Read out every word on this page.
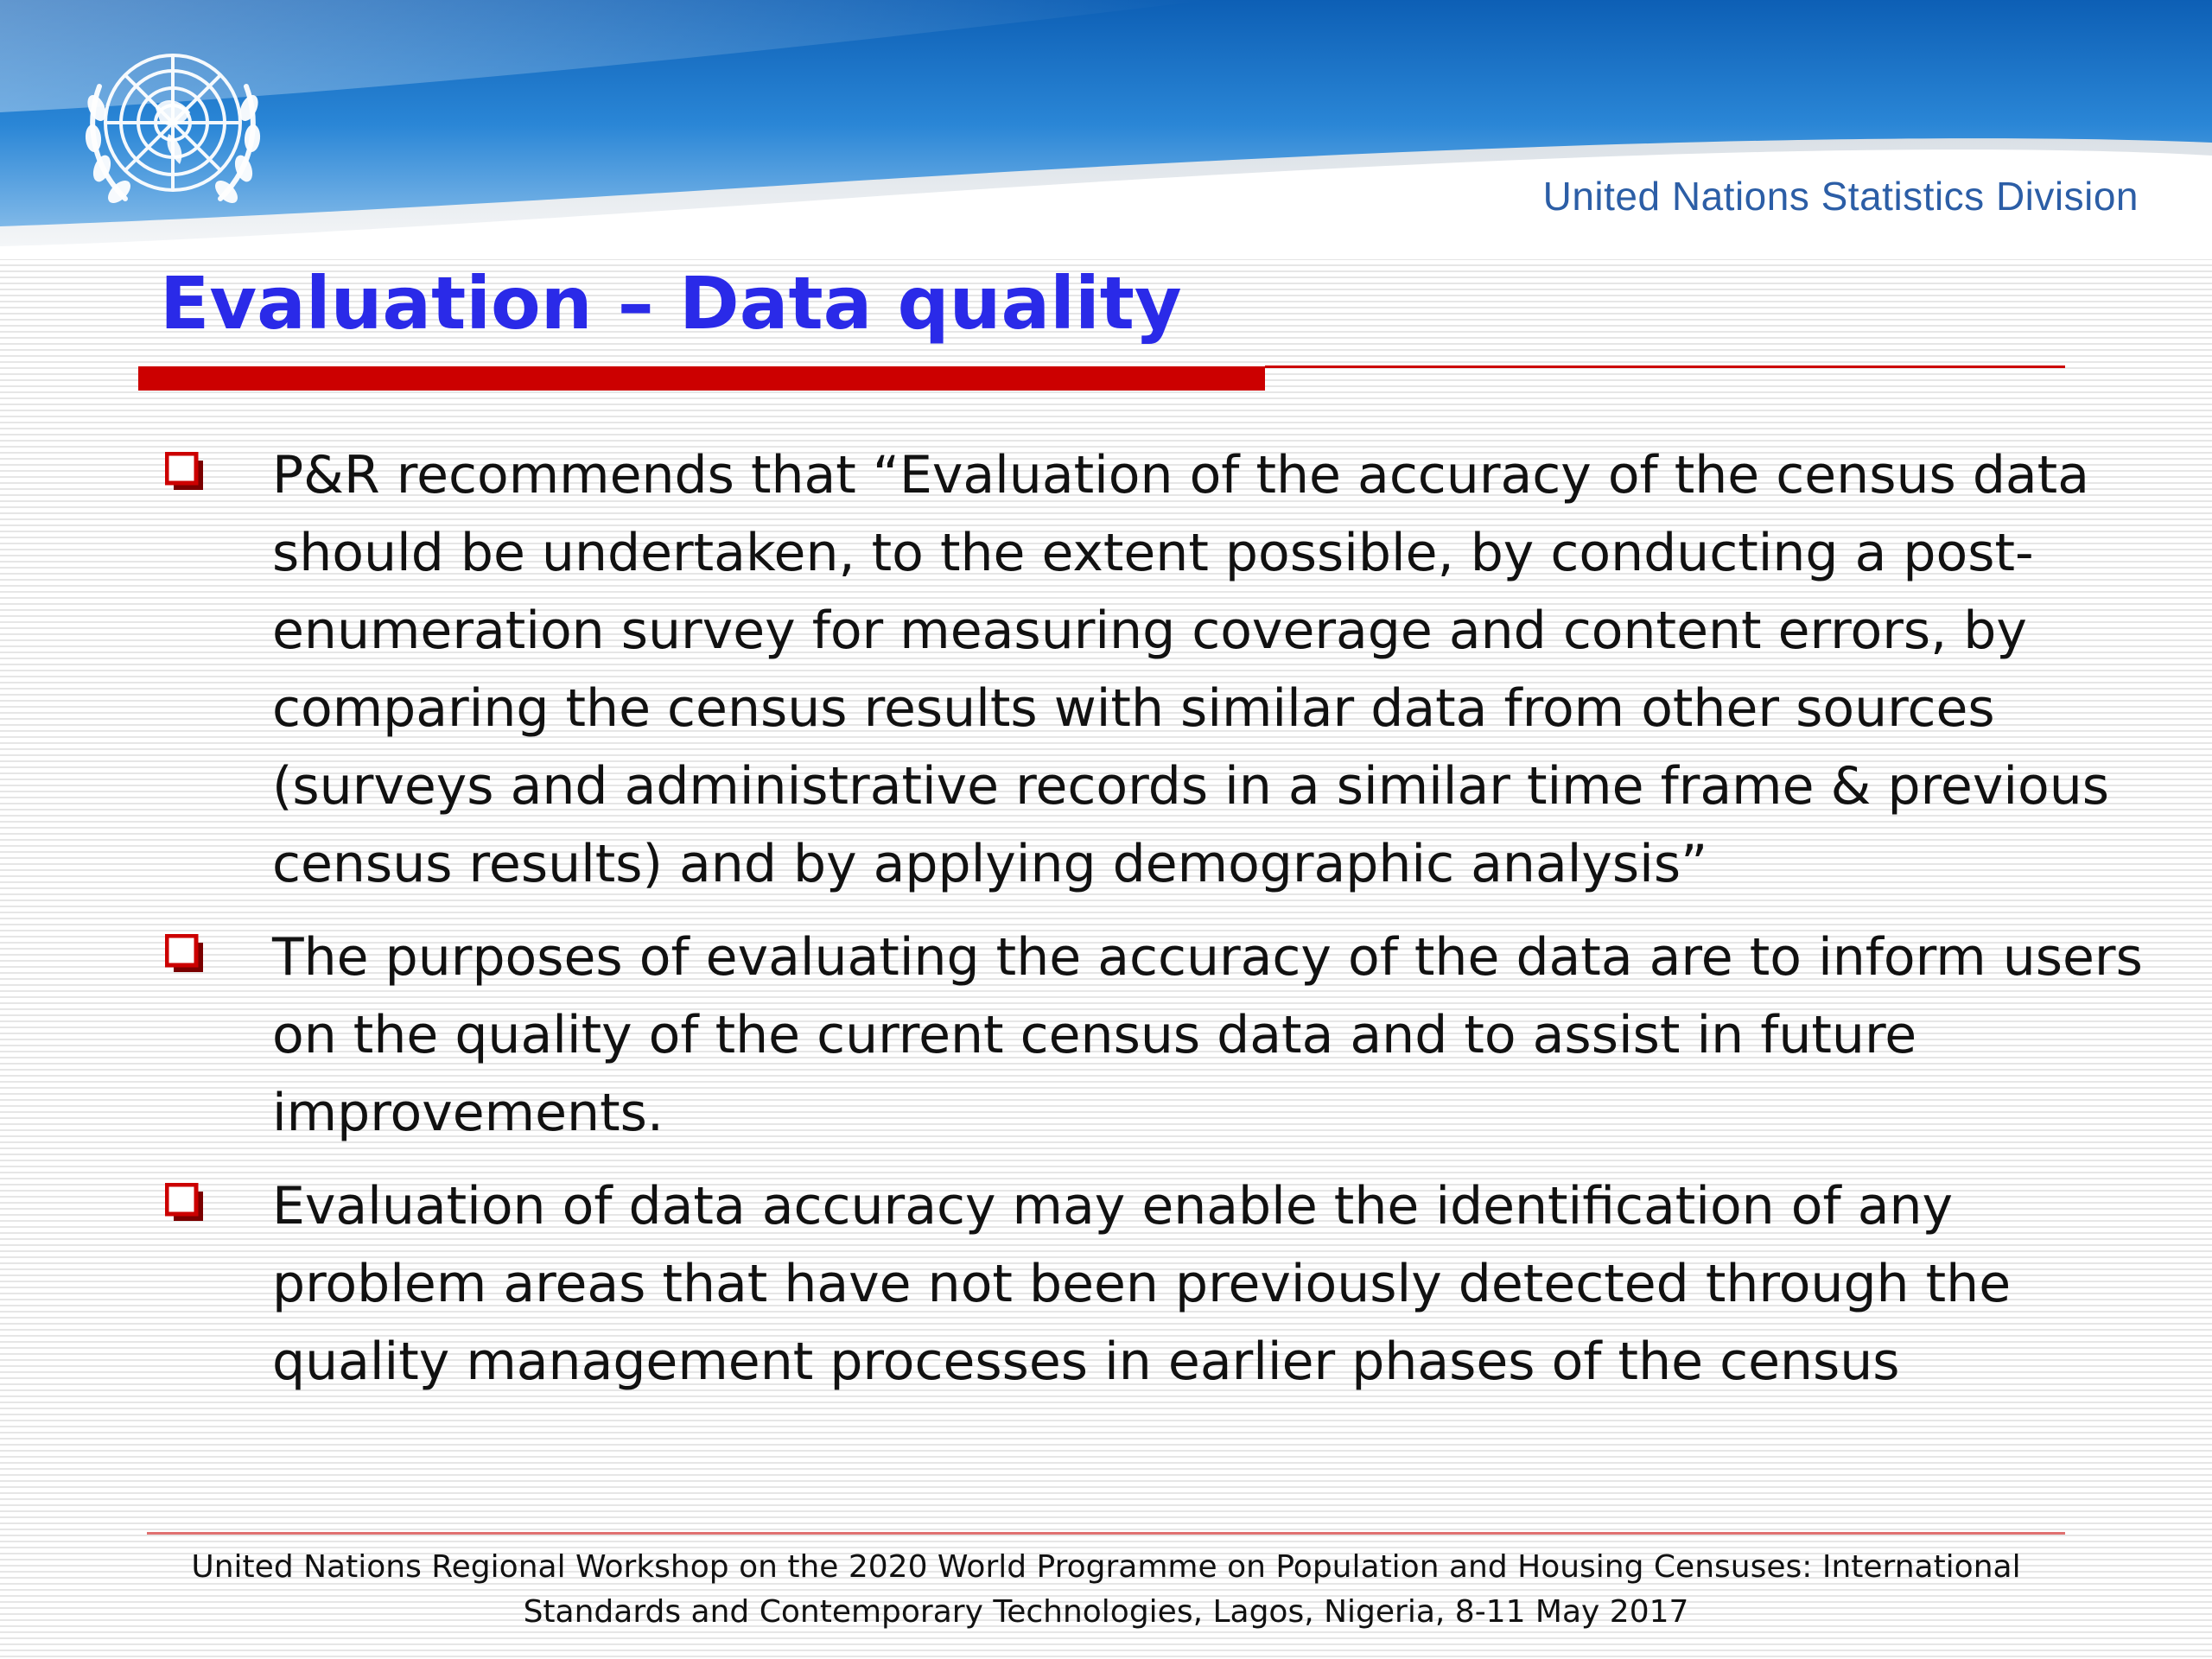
United Nations Statistics Division
Evaluation – Data quality
P&R recommends that “Evaluation of the accuracy of the census data should be undertaken, to the extent possible, by conducting a post-enumeration survey for measuring coverage and content errors, by comparing the census results with similar data from other sources (surveys and administrative records in a similar time frame & previous census results) and by applying demographic analysis”
The purposes of evaluating the accuracy of the data are to inform users on the quality of the current census data and to assist in future improvements.
Evaluation of data accuracy may enable the identification of any problem areas that have not been previously detected through the quality management processes in earlier phases of the census
United Nations Regional Workshop on the 2020 World Programme on Population and Housing Censuses: International Standards and Contemporary Technologies, Lagos, Nigeria, 8-11 May 2017
